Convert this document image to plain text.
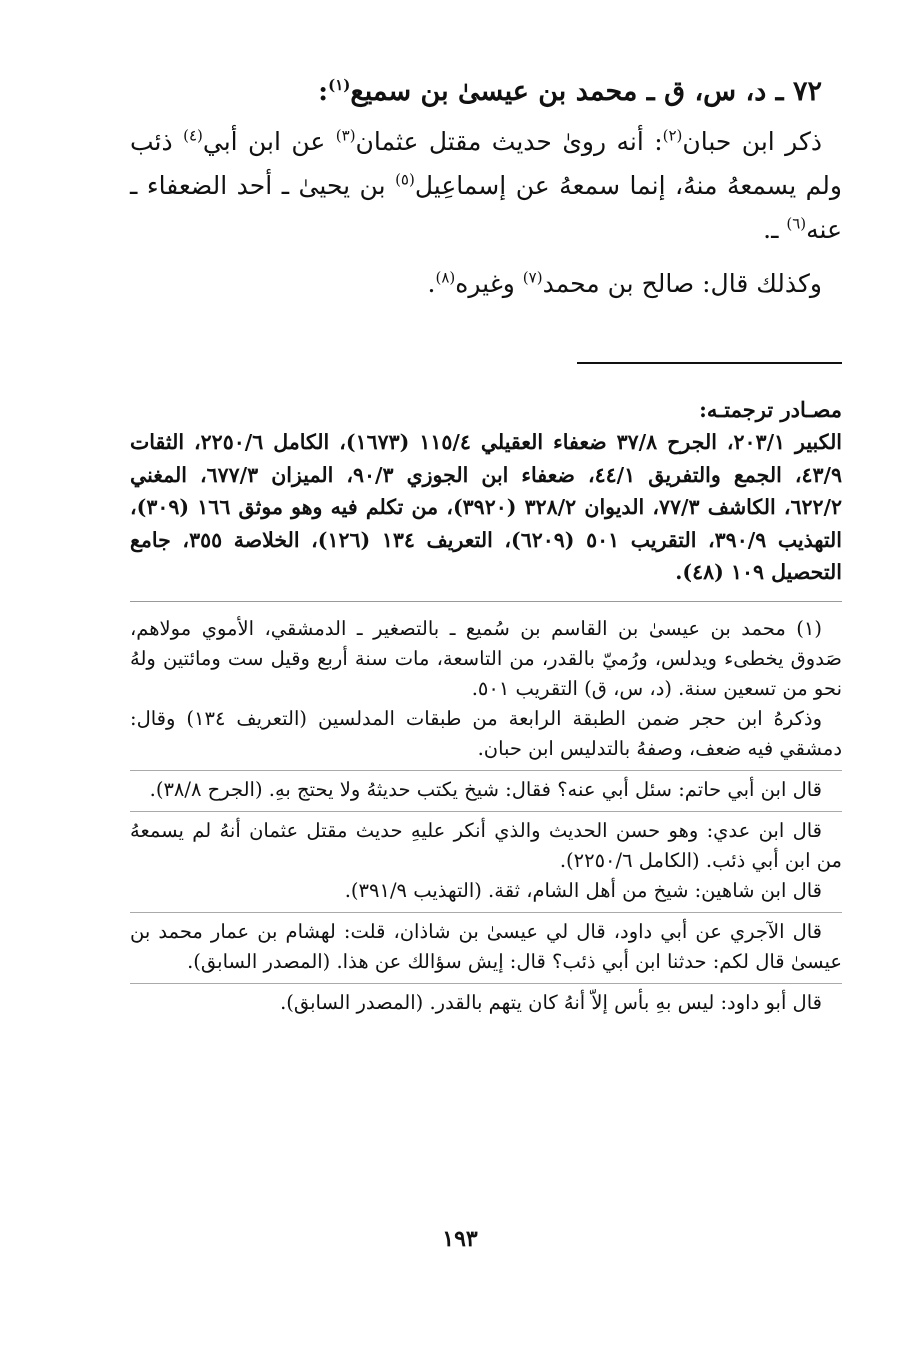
٧٢ ـ د، س، ق ـ محمد بن عيسىٰ بن سميع$^{(١)}$:

ذكر ابن حبان$^{(٢)}$: أنه روىٰ حديث مقتل عثمان$^{(٣)}$ عن ابن أبي$^{(٤)}$ ذئب ولم يسمعهُ منهُ، إنما سمعهُ عن إسماعِيل$^{(٥)}$ بن يحيىٰ ـ أحد الضعفاء ـ عنه$^{(٦)}$ ـ.

وكذلك قال: صالح بن محمد$^{(٧)}$ وغيره$^{(٨)}$.

مصـادر ترجمتـه:

الكبير ٢٠٣/١، الجرح ٣٧/٨ ضعفاء العقيلي ١١٥/٤ (١٦٧٣)، الكامل ٢٢٥٠/٦، الثقات ٤٣/٩، الجمع والتفريق ٤٤/١، ضعفاء ابن الجوزي ٩٠/٣، الميزان ٦٧٧/٣، المغني ٦٢٢/٢، الكاشف ٧٧/٣، الديوان ٣٢٨/٢ (٣٩٢٠)، من تكلم فيه وهو موثق ١٦٦ (٣٠٩)، التهذيب ٣٩٠/٩، التقريب ٥٠١ (٦٢٠٩)، التعريف ١٣٤ (١٢٦)، الخلاصة ٣٥٥، جامع التحصيل ١٠٩ (٤٨).

(١) محمد بن عيسىٰ بن القاسم بن سُميع ـ بالتصغير ـ الدمشقي، الأموي مولاهم، صَدوق يخطىء ويدلس، ورُميّ بالقدر، من التاسعة، مات سنة أربع وقيل ست ومائتين ولهُ نحو من تسعين سنة. (د، س، ق) التقريب ٥٠١.

وذكرهُ ابن حجر ضمن الطبقة الرابعة من طبقات المدلسين (التعريف ١٣٤) وقال: دمشقي فيه ضعف، وصفهُ بالتدليس ابن حبان.

قال ابن أبي حاتم: سئل أبي عنه؟ فقال: شيخ يكتب حديثهُ ولا يحتج بهِ. (الجرح ٣٨/٨).

قال ابن عدي: وهو حسن الحديث والذي أنكر عليهِ حديث مقتل عثمان أنهُ لم يسمعهُ من ابن أبي ذئب. (الكامل ٢٢٥٠/٦).

قال ابن شاهين: شيخ من أهل الشام، ثقة. (التهذيب ٣٩١/٩).

قال الآجري عن أبي داود، قال لي عيسىٰ بن شاذان، قلت: لهشام بن عمار محمد بن عيسىٰ قال لكم: حدثنا ابن أبي ذئب؟ قال: إيش سؤالك عن هذا. (المصدر السابق).

قال أبو داود: ليس بهِ بأس إلاّ أنهُ كان يتهم بالقدر. (المصدر السابق).

١٩٣
